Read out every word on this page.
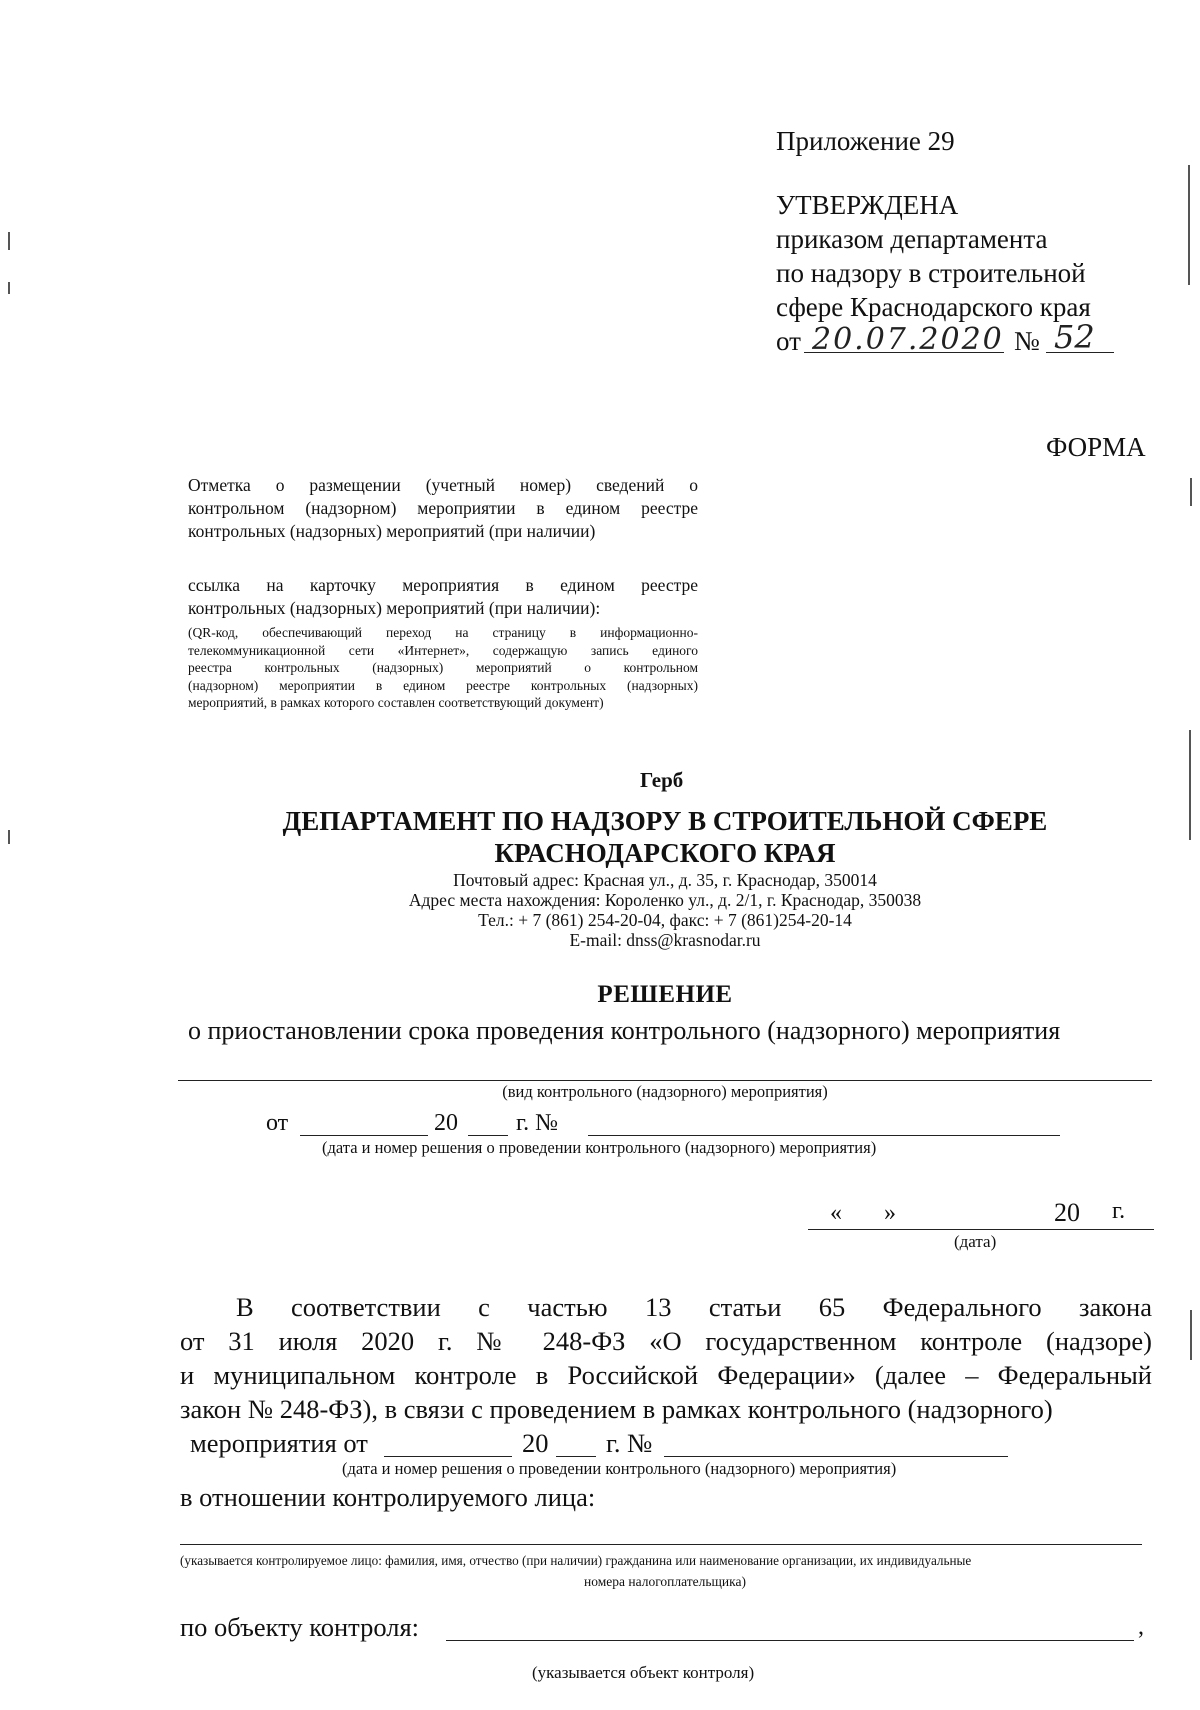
Приложение 29
УТВЕРЖДЕНА
приказом департамента
по надзору в строительной
сфере Краснодарского края
от 20.07.2020 № 52
ФОРМА
Отметка о размещении (учетный номер) сведений о
контрольном (надзорном) мероприятии в едином реестре
контрольных (надзорных) мероприятий (при наличии)
ссылка на карточку мероприятия в едином реестре
контрольных (надзорных) мероприятий (при наличии):
(QR-код, обеспечивающий переход на страницу в информационно-
телекоммуникационной сети «Интернет», содержащую запись единого
реестра контрольных (надзорных) мероприятий о контрольном
(надзорном) мероприятии в едином реестре контрольных (надзорных)
мероприятий, в рамках которого составлен соответствующий документ)
Герб
ДЕПАРТАМЕНТ ПО НАДЗОРУ В СТРОИТЕЛЬНОЙ СФЕРЕ
КРАСНОДАРСКОГО КРАЯ
Почтовый адрес: Красная ул., д. 35, г. Краснодар, 350014
Адрес места нахождения: Короленко ул., д. 2/1, г. Краснодар, 350038
Тел.: + 7 (861) 254-20-04, факс: + 7 (861)254-20-14
E-mail: dnss@krasnodar.ru
РЕШЕНИЕ
о приостановлении срока проведения контрольного (надзорного) мероприятия
(вид контрольного (надзорного) мероприятия)
от	20 г. №
(дата и номер решения о проведении контрольного (надзорного) мероприятия)
« »	20 г.
(дата)
В соответствии с частью 13 статьи 65 Федерального закона
от 31 июля 2020 г. № 248-ФЗ «О государственном контроле (надзоре)
и муниципальном контроле в Российской Федерации» (далее – Федеральный
закон № 248-ФЗ), в связи с проведением в рамках контрольного (надзорного)
мероприятия от	20 г. №
(дата и номер решения о проведении контрольного (надзорного) мероприятия)
в отношении контролируемого лица:
(указывается контролируемое лицо: фамилия, имя, отчество (при наличии) гражданина или наименование организации, их индивидуальные
номера налогоплательщика)
по объекту контроля:	,
(указывается объект контроля)
